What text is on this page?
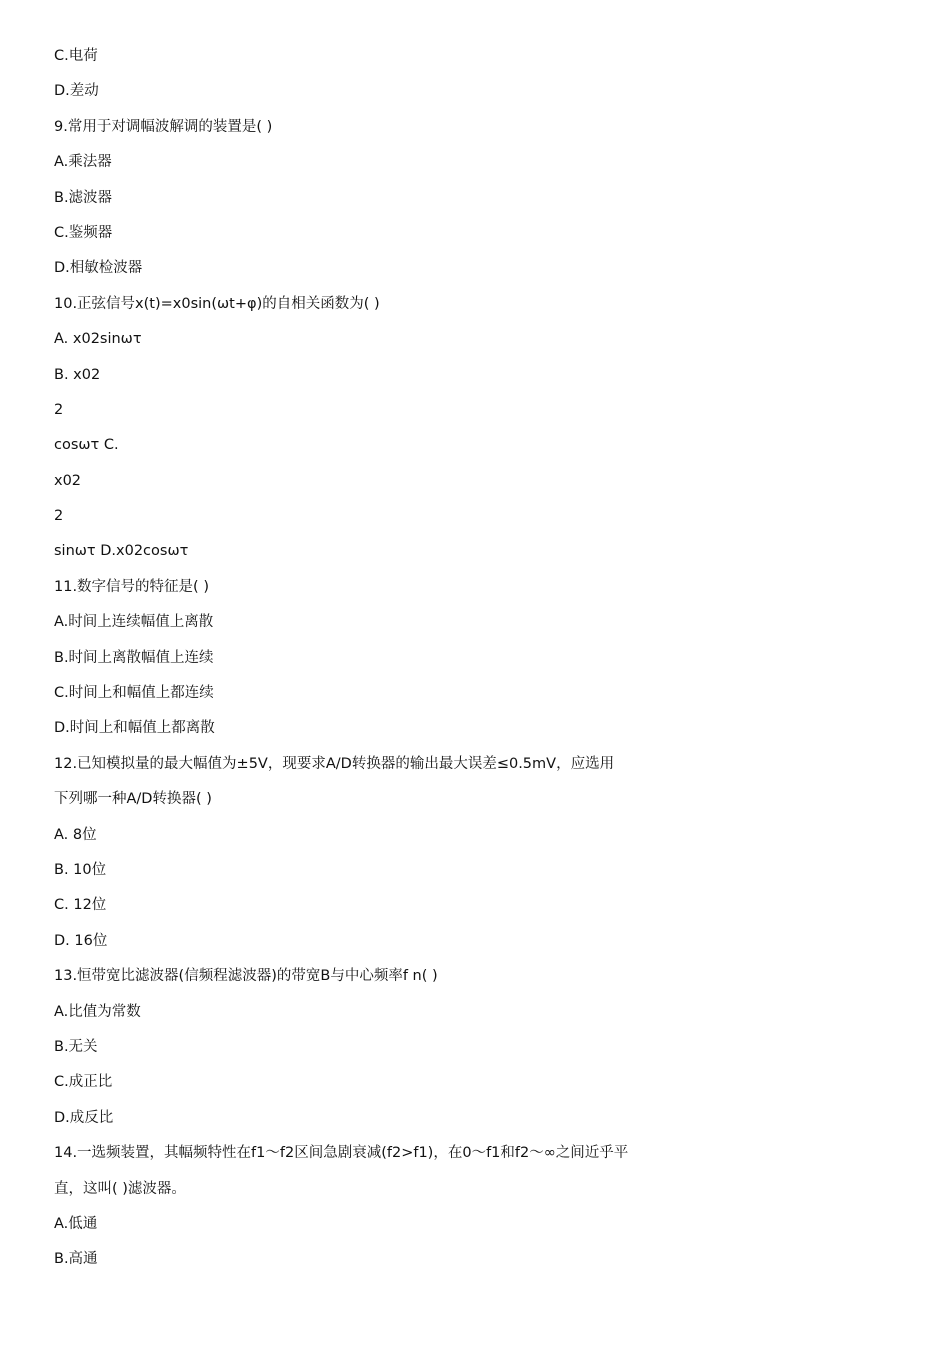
C.电荷
D.差动
9.常用于对调幅波解调的装置是( )
A.乘法器
B.滤波器
C.鉴频器
D.相敏检波器
10.正弦信号x(t)=x0sin(ωt+φ)的自相关函数为( )
A. x02sinωτ
B. x02
2
cosωτ C.
x02
2
sinωτ D.x02cosωτ
11.数字信号的特征是( )
A.时间上连续幅值上离散
B.时间上离散幅值上连续
C.时间上和幅值上都连续
D.时间上和幅值上都离散
12.已知模拟量的最大幅值为±5V，现要求A/D转换器的输出最大误差≤0.5mV，应选用
下列哪一种A/D转换器( )
A. 8位
B. 10位
C. 12位
D. 16位
13.恒带宽比滤波器(信频程滤波器)的带宽B与中心频率f n( )
A.比值为常数
B.无关
C.成正比
D.成反比
14.一选频装置，其幅频特性在f1～f2区间急剧衰减(f2>f1)，在0～f1和f2～∞之间近乎平
直，这叫( )滤波器。
A.低通
B.高通
